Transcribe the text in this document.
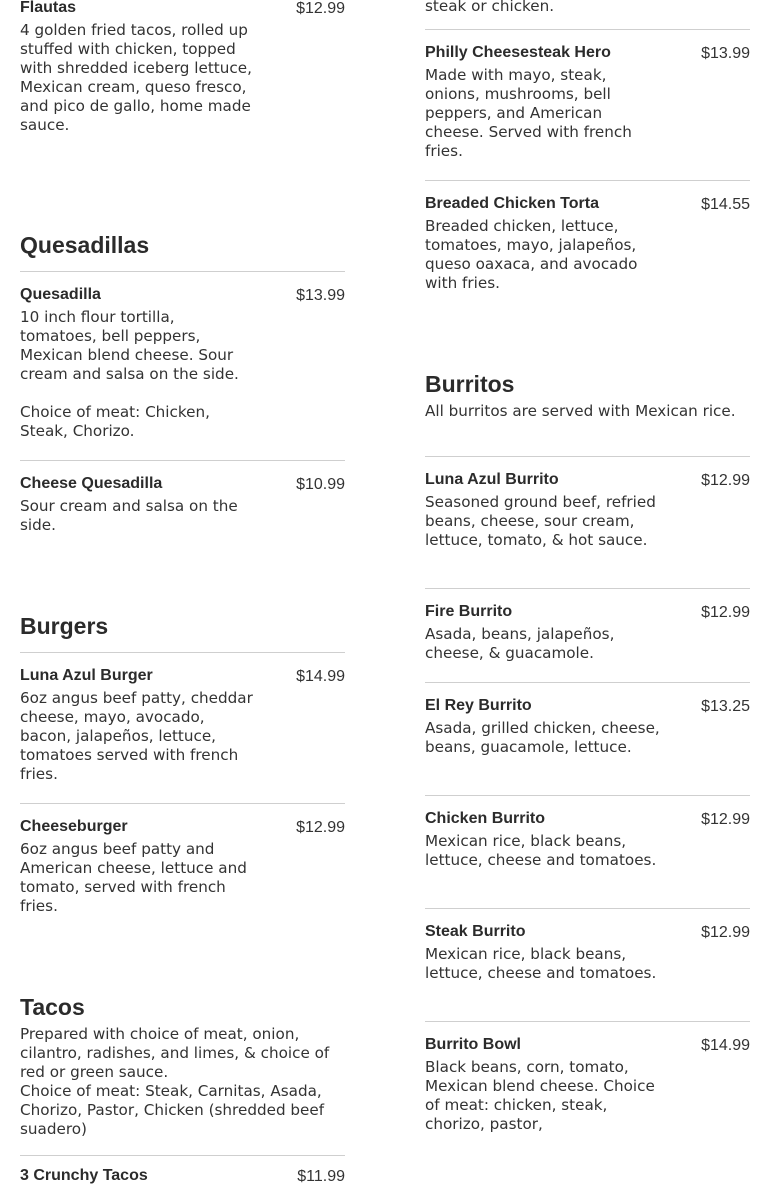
Flautas	$12.99
4 golden fried tacos, rolled up stuffed with chicken, topped with shredded iceberg lettuce, Mexican cream, queso fresco, and pico de gallo, home made sauce.
Quesadillas
Quesadilla	$13.99
10 inch flour tortilla, tomatoes, bell peppers, Mexican blend cheese. Sour cream and salsa on the side.

Choice of meat: Chicken, Steak, Chorizo.
Cheese Quesadilla	$10.99
Sour cream and salsa on the side.
Burgers
Luna Azul Burger	$14.99
6oz angus beef patty, cheddar cheese, mayo, avocado, bacon, jalapeños, lettuce, tomatoes served with french fries.
Cheeseburger	$12.99
6oz angus beef patty and American cheese, lettuce and tomato, served with french fries.
Tacos
Prepared with choice of meat, onion, cilantro, radishes, and limes, & choice of red or green sauce.
Choice of meat: Steak, Carnitas, Asada, Chorizo, Pastor, Chicken (shredded beef suadero)
3 Crunchy Tacos	$11.99
steak or chicken.
Philly Cheesesteak Hero	$13.99
Made with mayo, steak, onions, mushrooms, bell peppers, and American cheese. Served with french fries.
Breaded Chicken Torta	$14.55
Breaded chicken, lettuce, tomatoes, mayo, jalapeños, queso oaxaca, and avocado with fries.
Burritos
All burritos are served with Mexican rice.
Luna Azul Burrito	$12.99
Seasoned ground beef, refried beans, cheese, sour cream, lettuce, tomato, & hot sauce.
Fire Burrito	$12.99
Asada, beans, jalapeños, cheese, & guacamole.
El Rey Burrito	$13.25
Asada, grilled chicken, cheese, beans, guacamole, lettuce.
Chicken Burrito	$12.99
Mexican rice, black beans, lettuce, cheese and tomatoes.
Steak Burrito	$12.99
Mexican rice, black beans, lettuce, cheese and tomatoes.
Burrito Bowl	$14.99
Black beans, corn, tomato, Mexican blend cheese. Choice of meat: chicken, steak, chorizo, pastor,
